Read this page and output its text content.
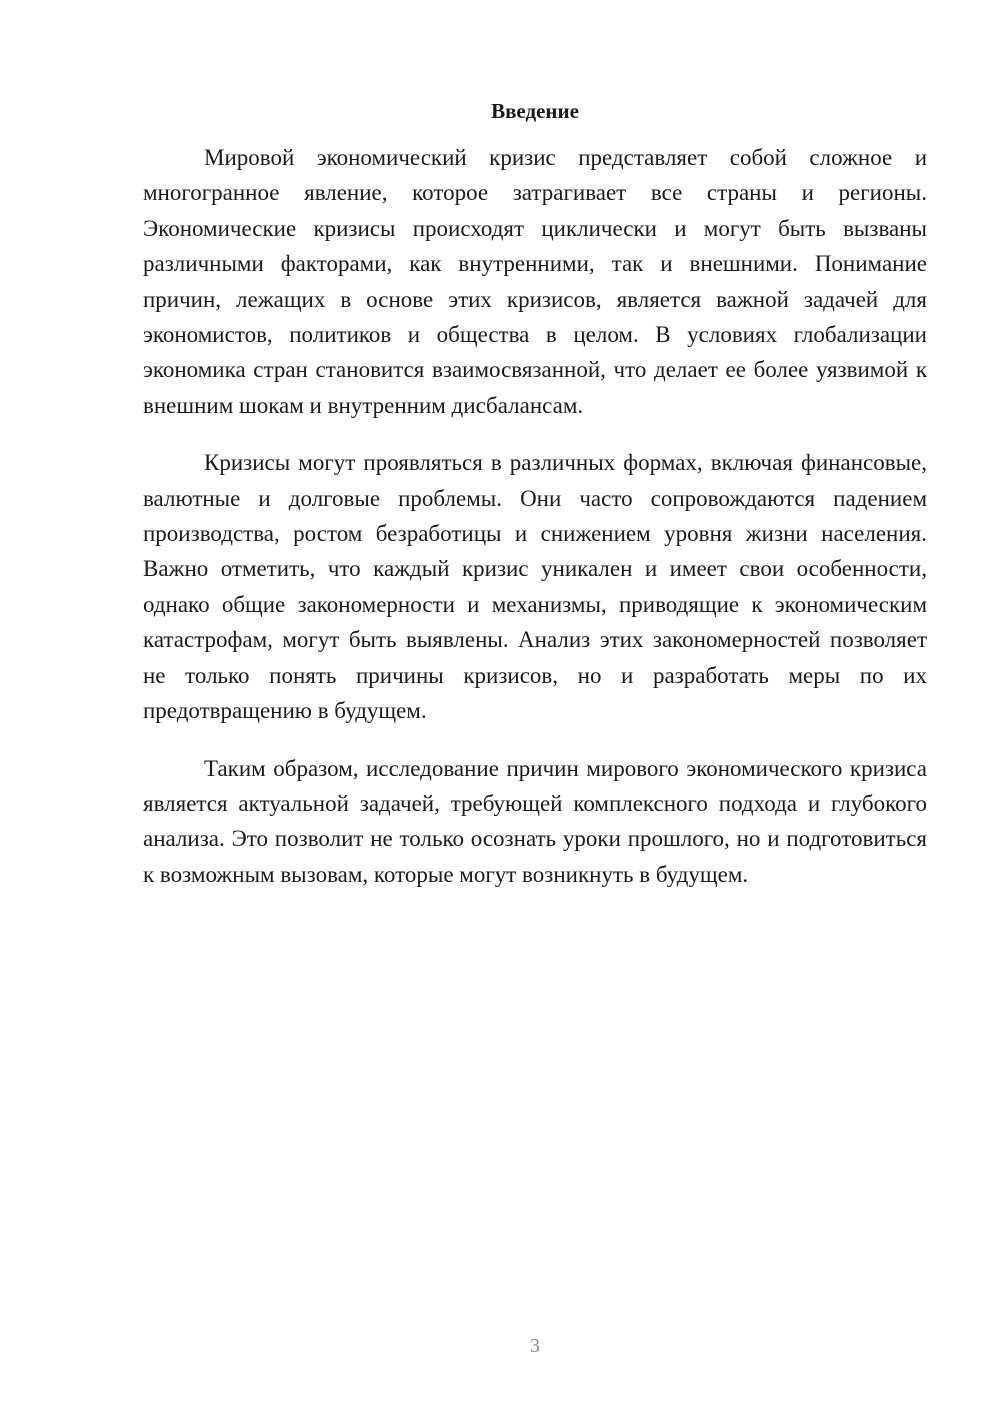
Введение

Мировой экономический кризис представляет собой сложное и многогранное явление, которое затрагивает все страны и регионы. Экономические кризисы происходят циклически и могут быть вызваны различными факторами, как внутренними, так и внешними. Понимание причин, лежащих в основе этих кризисов, является важной задачей для экономистов, политиков и общества в целом. В условиях глобализации экономика стран становится взаимосвязанной, что делает ее более уязвимой к внешним шокам и внутренним дисбалансам.

Кризисы могут проявляться в различных формах, включая финансовые, валютные и долговые проблемы. Они часто сопровождаются падением производства, ростом безработицы и снижением уровня жизни населения. Важно отметить, что каждый кризис уникален и имеет свои особенности, однако общие закономерности и механизмы, приводящие к экономическим катастрофам, могут быть выявлены. Анализ этих закономерностей позволяет не только понять причины кризисов, но и разработать меры по их предотвращению в будущем.

Таким образом, исследование причин мирового экономического кризиса является актуальной задачей, требующей комплексного подхода и глубокого анализа. Это позволит не только осознать уроки прошлого, но и подготовиться к возможным вызовам, которые могут возникнуть в будущем.

3
